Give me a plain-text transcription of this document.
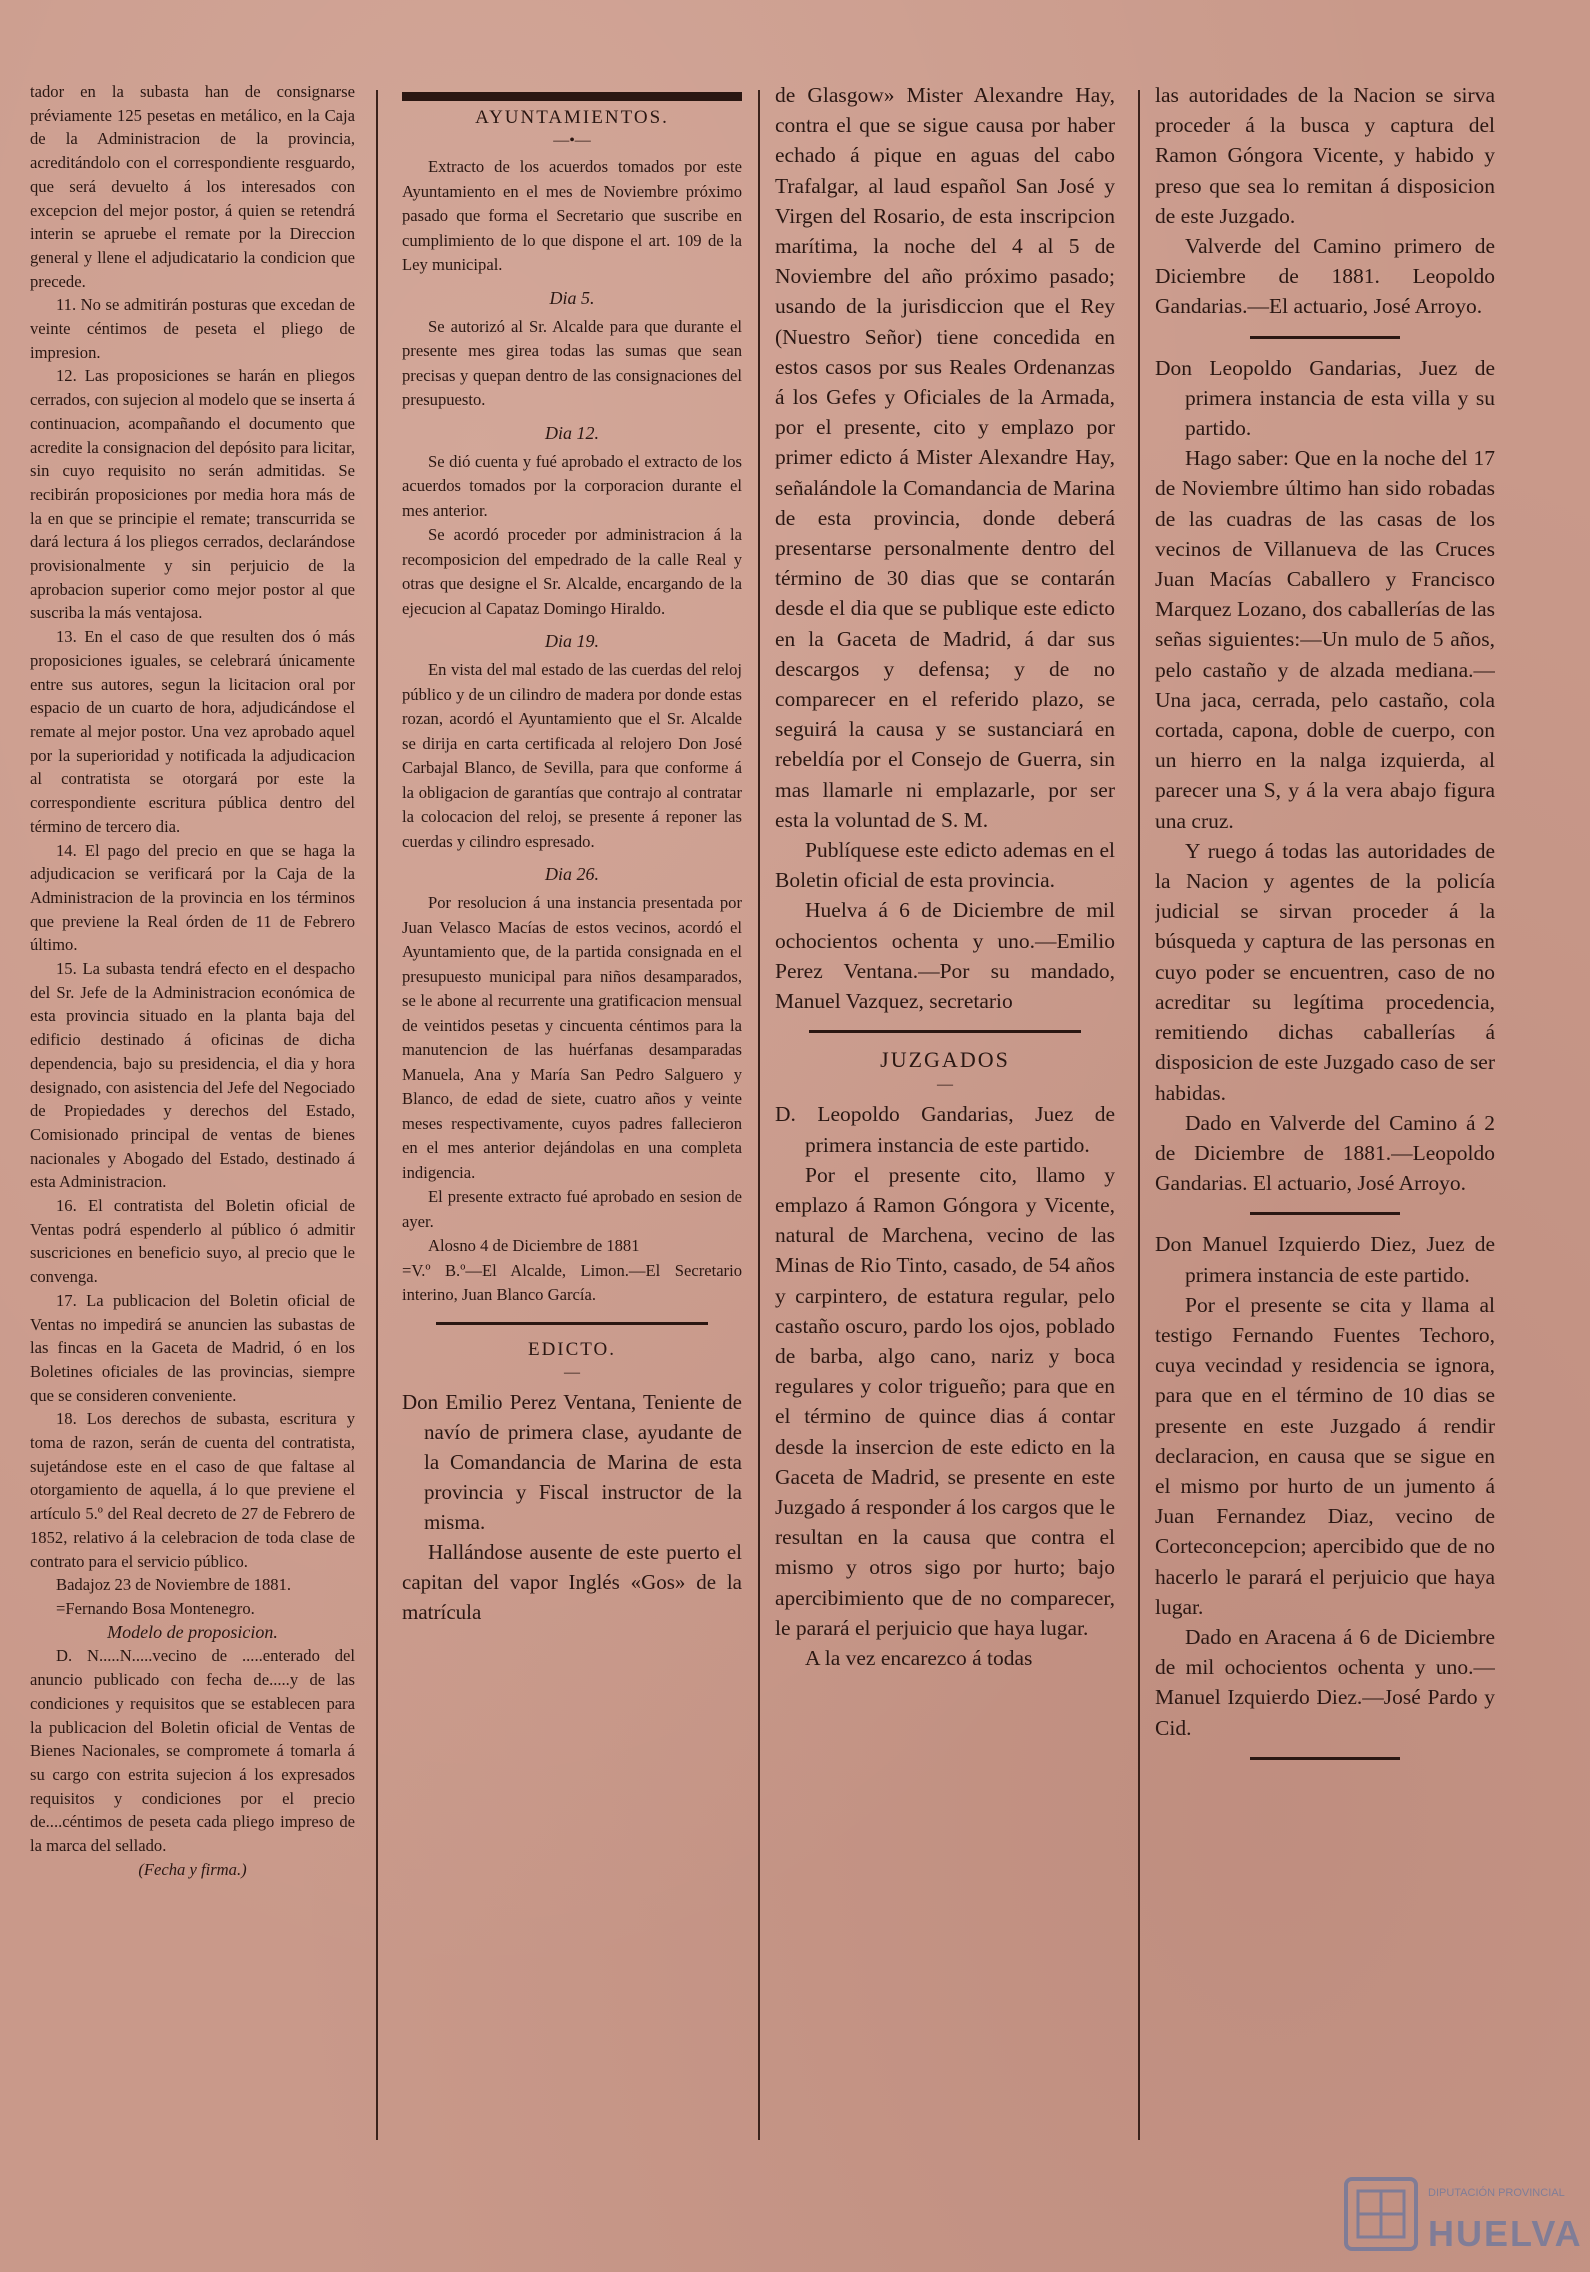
tador en la subasta han de consignarse préviamente 125 pesetas en metálico, en la Caja de la Administracion de la provincia, acreditándolo con el correspondiente resguardo, que será devuelto á los interesados con excepcion del mejor postor, á quien se retendrá interin se apruebe el remate por la Direccion general y llene el adjudicatario la condicion que precede.

11. No se admitirán posturas que excedan de veinte céntimos de peseta el pliego de impresion.

12. Las proposiciones se harán en pliegos cerrados, con sujecion al modelo que se inserta á continuacion, acompañando el documento que acredite la consignacion del depósito para licitar, sin cuyo requisito no serán admitidas. Se recibirán proposiciones por media hora más de la en que se principie el remate; transcurrida se dará lectura á los pliegos cerrados, declarándose provisionalmente y sin perjuicio de la aprobacion superior como mejor postor al que suscriba la más ventajosa.

13. En el caso de que resulten dos ó más proposiciones iguales, se celebrará únicamente entre sus autores, segun la licitacion oral por espacio de un cuarto de hora, adjudicándose el remate al mejor postor. Una vez aprobado aquel por la superioridad y notificada la adjudicacion al contratista se otorgará por este la correspondiente escritura pública dentro del término de tercero dia.

14. El pago del precio en que se haga la adjudicacion se verificará por la Caja de la Administracion de la provincia en los términos que previene la Real órden de 11 de Febrero último.

15. La subasta tendrá efecto en el despacho del Sr. Jefe de la Administracion económica de esta provincia situado en la planta baja del edificio destinado á oficinas de dicha dependencia, bajo su presidencia, el dia y hora designado, con asistencia del Jefe del Negociado de Propiedades y derechos del Estado, Comisionado principal de ventas de bienes nacionales y Abogado del Estado, destinado á esta Administracion.

16. El contratista del Boletin oficial de Ventas podrá espenderlo al público ó admitir suscriciones en beneficio suyo, al precio que le convenga.

17. La publicacion del Boletin oficial de Ventas no impedirá se anuncien las subastas de las fincas en la Gaceta de Madrid, ó en los Boletines oficiales de las provincias, siempre que se consideren conveniente.

18. Los derechos de subasta, escritura y toma de razon, serán de cuenta del contratista, sujetándose este en el caso de que faltase al otorgamiento de aquella, á lo que previene el artículo 5.º del Real decreto de 27 de Febrero de 1852, relativo á la celebracion de toda clase de contrato para el servicio público.

Badajoz 23 de Noviembre de 1881.

=Fernando Bosa Montenegro.

Modelo de proposicion.

D. N.....N.....vecino de .....enterado del anuncio publicado con fecha de.....y de las condiciones y requisitos que se establecen para la publicacion del Boletin oficial de Ventas de Bienes Nacionales, se compromete á tomarla á su cargo con estrita sujecion á los expresados requisitos y condiciones por el precio de....céntimos de peseta cada pliego impreso de la marca del sellado.

(Fecha y firma.)

AYUNTAMIENTOS.
—•—

Extracto de los acuerdos tomados por este Ayuntamiento en el mes de Noviembre próximo pasado que forma el Secretario que suscribe en cumplimiento de lo que dispone el art. 109 de la Ley municipal.

Dia 5.

Se autorizó al Sr. Alcalde para que durante el presente mes girea todas las sumas que sean precisas y quepan dentro de las consignaciones del presupuesto.

Dia 12.

Se dió cuenta y fué aprobado el extracto de los acuerdos tomados por la corporacion durante el mes anterior.

Se acordó proceder por administracion á la recomposicion del empedrado de la calle Real y otras que designe el Sr. Alcalde, encargando de la ejecucion al Capataz Domingo Hiraldo.

Dia 19.

En vista del mal estado de las cuerdas del reloj público y de un cilindro de madera por donde estas rozan, acordó el Ayuntamiento que el Sr. Alcalde se dirija en carta certificada al relojero Don José Carbajal Blanco, de Sevilla, para que conforme á la obligacion de garantías que contrajo al contratar la colocacion del reloj, se presente á reponer las cuerdas y cilindro espresado.

Dia 26.

Por resolucion á una instancia presentada por Juan Velasco Macías de estos vecinos, acordó el Ayuntamiento que, de la partida consignada en el presupuesto municipal para niños desamparados, se le abone al recurrente una gratificacion mensual de veintidos pesetas y cincuenta céntimos para la manutencion de las huérfanas desamparadas Manuela, Ana y María San Pedro Salguero y Blanco, de edad de siete, cuatro años y veinte meses respectivamente, cuyos padres fallecieron en el mes anterior dejándolas en una completa indigencia.

El presente extracto fué aprobado en sesion de ayer.

Alosno 4 de Diciembre de 1881

=V.º B.º—El Alcalde, Limon.—El Secretario interino, Juan Blanco García.

EDICTO.
—

Don Emilio Perez Ventana, Teniente de navío de primera clase, ayudante de la Comandancia de Marina de esta provincia y Fiscal instructor de la misma.

Hallándose ausente de este puerto el capitan del vapor Inglés «Gos» de la matrícula

de Glasgow» Mister Alexandre Hay, contra el que se sigue causa por haber echado á pique en aguas del cabo Trafalgar, al laud español San José y Virgen del Rosario, de esta inscripcion marítima, la noche del 4 al 5 de Noviembre del año próximo pasado; usando de la jurisdiccion que el Rey (Nuestro Señor) tiene concedida en estos casos por sus Reales Ordenanzas á los Gefes y Oficiales de la Armada, por el presente, cito y emplazo por primer edicto á Mister Alexandre Hay, señalándole la Comandancia de Marina de esta provincia, donde deberá presentarse personalmente dentro del término de 30 dias que se contarán desde el dia que se publique este edicto en la Gaceta de Madrid, á dar sus descargos y defensa; y de no comparecer en el referido plazo, se seguirá la causa y se sustanciará en rebeldía por el Consejo de Guerra, sin mas llamarle ni emplazarle, por ser esta la voluntad de S. M.

Publíquese este edicto ademas en el Boletin oficial de esta provincia.

Huelva á 6 de Diciembre de mil ochocientos ochenta y uno.—Emilio Perez Ventana.—Por su mandado, Manuel Vazquez, secretario

JUZGADOS
—

D. Leopoldo Gandarias, Juez de primera instancia de este partido.

Por el presente cito, llamo y emplazo á Ramon Góngora y Vicente, natural de Marchena, vecino de las Minas de Rio Tinto, casado, de 54 años y carpintero, de estatura regular, pelo castaño oscuro, pardo los ojos, poblado de barba, algo cano, nariz y boca regulares y color trigueño; para que en el término de quince dias á contar desde la insercion de este edicto en la Gaceta de Madrid, se presente en este Juzgado á responder á los cargos que le resultan en la causa que contra el mismo y otros sigo por hurto; bajo apercibimiento que de no comparecer, le parará el perjuicio que haya lugar.

A la vez encarezco á todas

las autoridades de la Nacion se sirva proceder á la busca y captura del Ramon Góngora Vicente, y habido y preso que sea lo remitan á disposicion de este Juzgado.

Valverde del Camino primero de Diciembre de 1881. Leopoldo Gandarias.—El actuario, José Arroyo.

Don Leopoldo Gandarias, Juez de primera instancia de esta villa y su partido.

Hago saber: Que en la noche del 17 de Noviembre último han sido robadas de las cuadras de las casas de los vecinos de Villanueva de las Cruces Juan Macías Caballero y Francisco Marquez Lozano, dos caballerías de las señas siguientes:—Un mulo de 5 años, pelo castaño y de alzada mediana.—Una jaca, cerrada, pelo castaño, cola cortada, capona, doble de cuerpo, con un hierro en la nalga izquierda, al parecer una S, y á la vera abajo figura una cruz.

Y ruego á todas las autoridades de la Nacion y agentes de la policía judicial se sirvan proceder á la búsqueda y captura de las personas en cuyo poder se encuentren, caso de no acreditar su legítima procedencia, remitiendo dichas caballerías á disposicion de este Juzgado caso de ser habidas.

Dado en Valverde del Camino á 2 de Diciembre de 1881.—Leopoldo Gandarias. El actuario, José Arroyo.

Don Manuel Izquierdo Diez, Juez de primera instancia de este partido.

Por el presente se cita y llama al testigo Fernando Fuentes Techoro, cuya vecindad y residencia se ignora, para que en el término de 10 dias se presente en este Juzgado á rendir declaracion, en causa que se sigue en el mismo por hurto de un jumento á Juan Fernandez Diaz, vecino de Corteconcepcion; apercibido que de no hacerlo le parará el perjuicio que haya lugar.

Dado en Aracena á 6 de Diciembre de mil ochocientos ochenta y uno.—Manuel Izquierdo Diez.—José Pardo y Cid.

DIPUTACIÓN PROVINCIAL
HUELVA
